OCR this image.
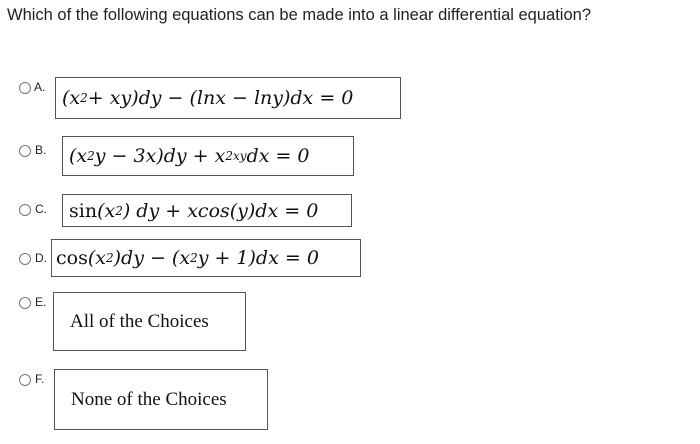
Which of the following equations can be made into a linear differential equation?
A. (x 2 + xy)dy − (lnx − lny)dx = 0
B. (x 2 y − 3x)dy + x 2xy dx = 0
C. sin (x 2 ) dy + xcos(y)dx = 0
D. cos (x 2 )dy − (x 2 y + 1)dx = 0
E.
All of the Choices
F.
None of the Choices
